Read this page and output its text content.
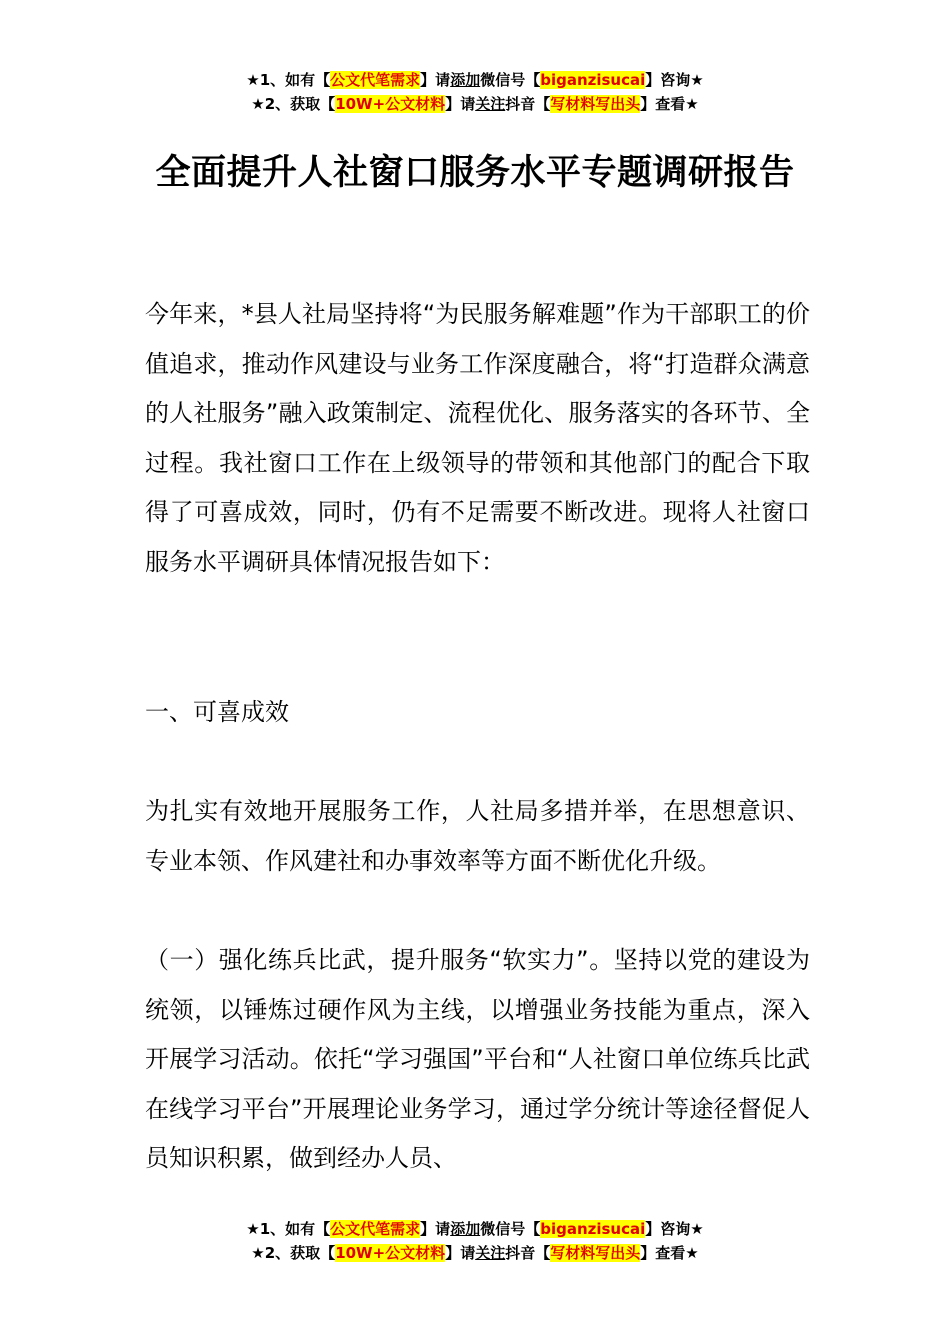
★1、如有【公文代笔需求】请添加微信号【biganzisucai】咨询★
★2、获取【10W+公文材料】请关注抖音【写材料写出头】查看★
全面提升人社窗口服务水平专题调研报告

今年来，*县人社局坚持将“为民服务解难题”作为干部职工的价值追求，推动作风建设与业务工作深度融合，将“打造群众满意的人社服务”融入政策制定、流程优化、服务落实的各环节、全过程。我社窗口工作在上级领导的带领和其他部门的配合下取得了可喜成效，同时，仍有不足需要不断改进。现将人社窗口服务水平调研具体情况报告如下：

一、可喜成效

为扎实有效地开展服务工作，人社局多措并举，在思想意识、专业本领、作风建社和办事效率等方面不断优化升级。

（一）强化练兵比武，提升服务“软实力”。坚持以党的建设为统领，以锤炼过硬作风为主线，以增强业务技能为重点，深入开展学习活动。依托“学习强国”平台和“人社窗口单位练兵比武在线学习平台”开展理论业务学习，通过学分统计等途径督促人员知识积累，做到经办人员、

★1、如有【公文代笔需求】请添加微信号【biganzisucai】咨询★
★2、获取【10W+公文材料】请关注抖音【写材料写出头】查看★
